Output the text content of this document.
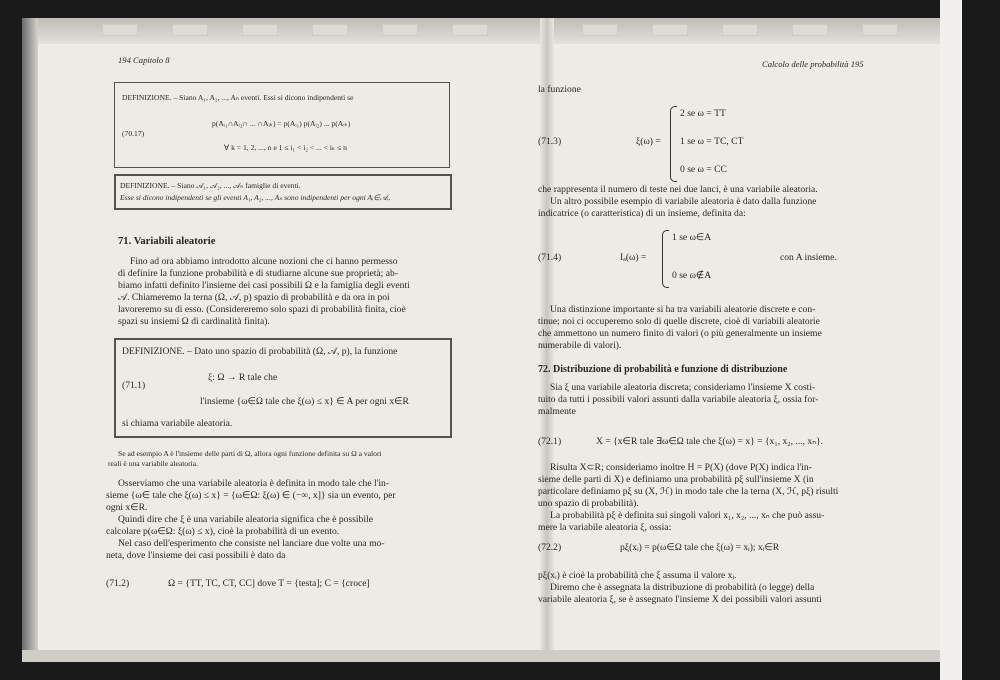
194 Capitolo 8
DEFINIZIONE. – Siano A₁, A₂, ..., Aₙ eventi. Essi si dicono indipendenti se
p(Aᵢ₁∩Aᵢ₂∩ ... ∩Aᵢₖ) = p(Aᵢ₁) p(Aᵢ₂) ... p(Aᵢₖ)
(70.17)
∀ k = 1, 2, ..., n e 1 ≤ i₁ < i₂ < ... < iₖ ≤ n
DEFINIZIONE. – Siano 𝒜₁, 𝒜₂, ..., 𝒜ₙ famiglie di eventi.
Esse si dicono indipendenti se gli eventi A₁, A₂, ..., Aₙ sono indipendenti per ogni Aᵢ∈𝒜ᵢ.
71. Variabili aleatorie
Fino ad ora abbiamo introdotto alcune nozioni che ci hanno permesso
di definire la funzione probabilità e di studiarne alcune sue proprietà; ab-
biamo infatti definito l'insieme dei casi possibili Ω e la famiglia degli eventi
𝒜. Chiameremo la terna (Ω, 𝒜, p) spazio di probabilità e da ora in poi
lavoreremo su di esso. (Considereremo solo spazi di probabilità finita, cioè
spazi su insiemi Ω di cardinalità finita).
DEFINIZIONE. – Dato uno spazio di probabilità (Ω, 𝒜, p), la funzione
ξ: Ω → R tale che
(71.1)
l'insieme {ω∈Ω tale che ξ(ω) ≤ x} ∈ A per ogni x∈R
si chiama variabile aleatoria.
Se ad esempio A è l'insieme delle parti di Ω, allora ogni funzione definita su Ω a valori
reali è una variabile aleatoria.
Osserviamo che una variabile aleatoria è definita in modo tale che l'in-
sieme {ω∈ tale che ξ(ω) ≤ x} = {ω∈Ω: ξ(ω) ∈ (−∞, x]} sia un evento, per
ogni x∈R.
Quindi dire che ξ è una variabile aleatoria significa che è possibile
calcolare p(ω∈Ω: ξ(ω) ≤ x), cioè la probabilità di un evento.
Nel caso dell'esperimento che consiste nel lanciare due volte una mo-
neta, dove l'insieme dei casi possibili è dato da
(71.2)	Ω = {TT, TC, CT, CC] dove T = {testa]; C = {croce]
Calcolo delle probabilità 195
la funzione
(71.3)	ξ(ω) =
2 se ω = TT
1 se ω = TC, CT
0 se ω = CC
che rappresenta il numero di teste nei due lanci, è una variabile aleatoria.
Un altro possibile esempio di variabile aleatoria è dato dalla funzione
indicatrice (o caratteristica) di un insieme, definita da:
(71.4)	Iₐ(ω) =
1 se ω∈A
0 se ω∉A
con A insieme.
Una distinzione importante si ha tra variabili aleatorie discrete e con-
tinue; noi ci occuperemo solo di quelle discrete, cioè di variabili aleatorie
che ammettono un numero finito di valori (o più generalmente un insieme
numerabile di valori).
72. Distribuzione di probabilità e funzione di distribuzione
Sia ξ una variabile aleatoria discreta; consideriamo l'insieme X costi-
tuito da tutti i possibili valori assunti dalla variabile aleatoria ξ, ossia for-
malmente
(72.1)	X = {x∈R tale ∃ω∈Ω tale che ξ(ω) = x} = {x₁, x₂, ..., xₙ}.
Risulta X⊂R; consideriamo inoltre H = P(X) (dove P(X) indica l'in-
sieme delle parti di X) e definiamo una probabilità pξ sull'insieme X (in
particolare definiamo pξ su (X, ℋ) in modo tale che la terna (X, ℋ, pξ) risulti
uno spazio di probabilità).
La probabilità pξ è definita sui singoli valori x₁, x₂, ..., xₙ che può assu-
mere la variabile aleatoria ξ, ossia:
(72.2)	pξ(xᵢ) = p(ω∈Ω tale che ξ(ω) = xᵢ); xᵢ∈R
pξ(xᵢ) è cioè la probabilità che ξ assuma il valore xᵢ.
Diremo che è assegnata la distribuzione di probabilità (o legge) della
variabile aleatoria ξ, se è assegnato l'insieme X dei possibili valori assunti
